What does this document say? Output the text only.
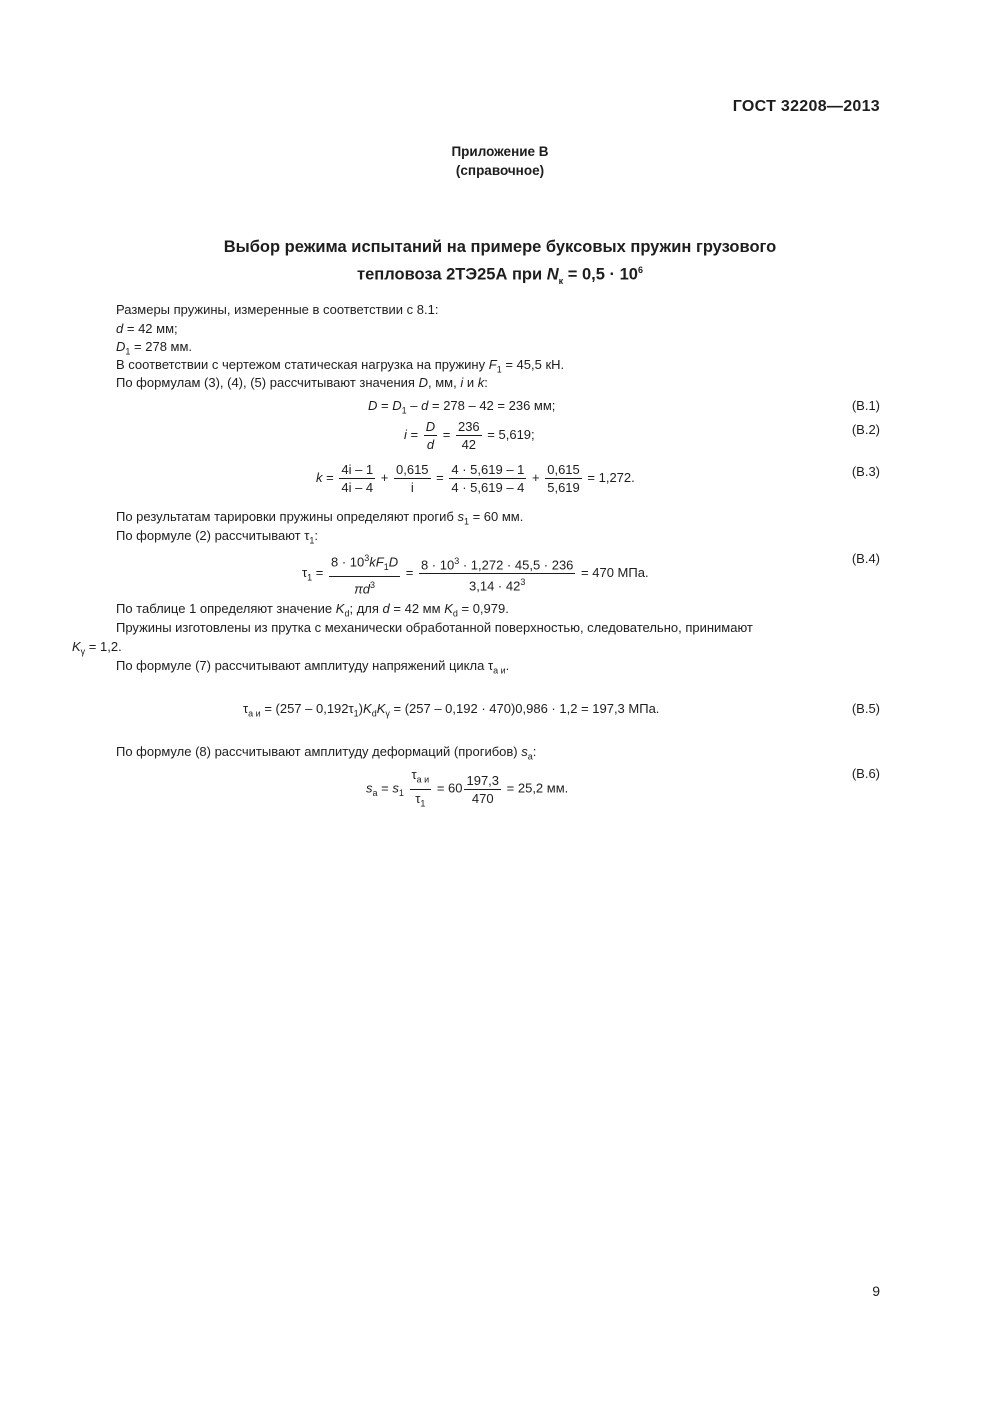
ГОСТ 32208—2013
Приложение В
(справочное)
Выбор режима испытаний на примере буксовых пружин грузового
тепловоза 2ТЭ25А при $N_к = 0,5 \cdot 10^6$
Размеры пружины, измеренные в соответствии с 8.1:
d = 42 мм;
$D_1 = 278$ мм.
В соответствии с чертежом статическая нагрузка на пружину $F_1 = 45,5$ кН.
По формулам (3), (4), (5) рассчитывают значения D, мм, i и k:
$D = D_1 - d = 278 - 42 = 236$ мм;	(В.1)
$i = \frac{D}{d} = \frac{236}{42} = 5,619$;	(В.2)
$k = \frac{4i - 1}{4i - 4} + \frac{0,615}{i} = \frac{4 \cdot 5,619 - 1}{4 \cdot 5,619 - 4} + \frac{0,615}{5,619} = 1,272$.	(В.3)
По результатам тарировки пружины определяют прогиб $s_1 = 60$ мм.
По формуле (2) рассчитывают $\tau_1$:
$\tau_1 = \frac{8 \cdot 10^3kF_1D}{\pi d^3} = \frac{8 \cdot 10^3 \cdot 1,272 \cdot 45,5 \cdot 236}{3,14 \cdot 42^3} = 470$ МПа.
(В.4)
По таблице 1 определяют значение $K_d$; для d = 42 мм $K_d = 0,979$.
Пружины изготовлены из прутка с механически обработанной поверхностью, следовательно, принимают
$K_\gamma = 1,2$.
По формуле (7) рассчитывают амплитуду напряжений цикла $\tau_{а и}$.
$\tau_{а и} = (257 - 0,192\tau_1)K_dK_\gamma = (257 - 0,192 \cdot 470)0,986 \cdot 1,2 = 197,3$ МПа.	(В.5)
По формуле (8) рассчитывают амплитуду деформаций (прогибов) $s_а$:
$s_а = s_1 \frac{\tau_{а и}}{\tau_1} = 60 \frac{197,3}{470} = 25,2$ мм.
(В.6)
9
